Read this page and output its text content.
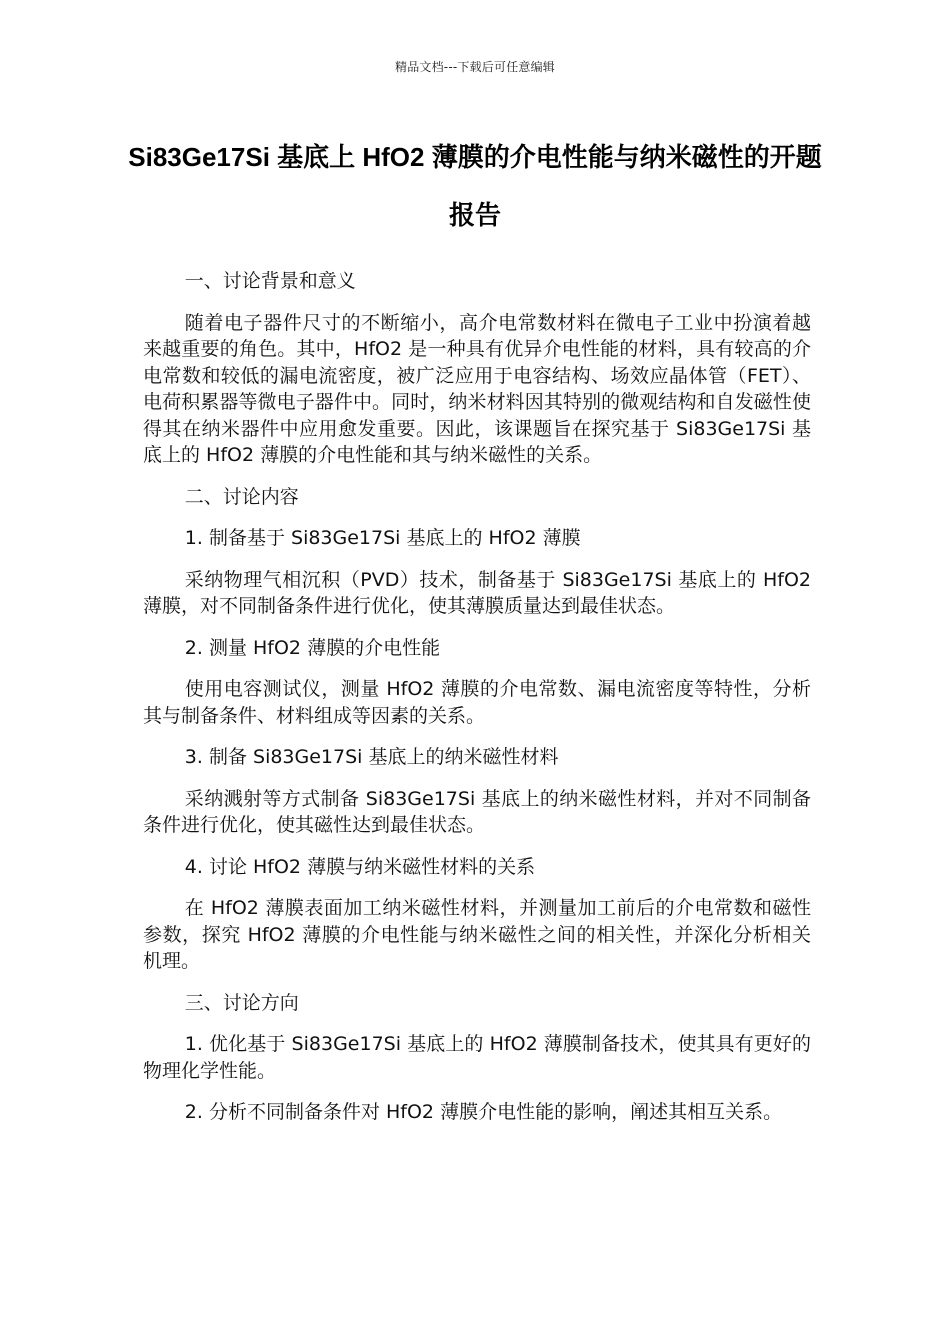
精品文档---下载后可任意编辑
Si83Ge17Si 基底上 HfO2 薄膜的介电性能与纳米磁性的开题报告

一、讨论背景和意义

随着电子器件尺寸的不断缩小，高介电常数材料在微电子工业中扮演着越来越重要的角色。其中，HfO2 是一种具有优异介电性能的材料，具有较高的介电常数和较低的漏电流密度，被广泛应用于电容结构、场效应晶体管（FET）、电荷积累器等微电子器件中。同时，纳米材料因其特别的微观结构和自发磁性使得其在纳米器件中应用愈发重要。因此，该课题旨在探究基于 Si83Ge17Si 基底上的 HfO2 薄膜的介电性能和其与纳米磁性的关系。

二、讨论内容

1. 制备基于 Si83Ge17Si 基底上的 HfO2 薄膜

采纳物理气相沉积（PVD）技术，制备基于 Si83Ge17Si 基底上的 HfO2 薄膜，对不同制备条件进行优化，使其薄膜质量达到最佳状态。

2. 测量 HfO2 薄膜的介电性能

使用电容测试仪，测量 HfO2 薄膜的介电常数、漏电流密度等特性，分析其与制备条件、材料组成等因素的关系。

3. 制备 Si83Ge17Si 基底上的纳米磁性材料

采纳溅射等方式制备 Si83Ge17Si 基底上的纳米磁性材料，并对不同制备条件进行优化，使其磁性达到最佳状态。

4. 讨论 HfO2 薄膜与纳米磁性材料的关系

在 HfO2 薄膜表面加工纳米磁性材料，并测量加工前后的介电常数和磁性参数，探究 HfO2 薄膜的介电性能与纳米磁性之间的相关性，并深化分析相关机理。

三、讨论方向

1. 优化基于 Si83Ge17Si 基底上的 HfO2 薄膜制备技术，使其具有更好的物理化学性能。

2. 分析不同制备条件对 HfO2 薄膜介电性能的影响，阐述其相互关系。
